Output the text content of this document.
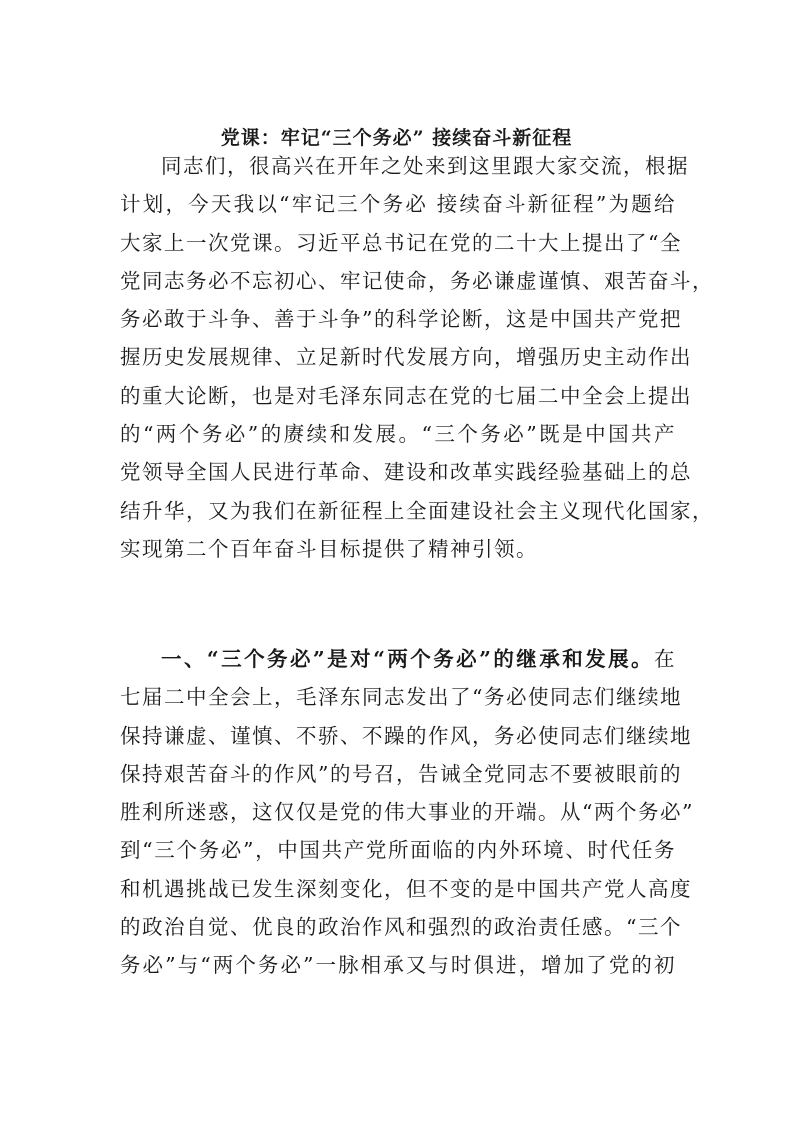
党课：牢记“三个务必” 接续奋斗新征程
同志们，很高兴在开年之处来到这里跟大家交流，根据
计划，今天我以“牢记三个务必 接续奋斗新征程”为题给
大家上一次党课。习近平总书记在党的二十大上提出了“全
党同志务必不忘初心、牢记使命，务必谦虚谨慎、艰苦奋斗，
务必敢于斗争、善于斗争”的科学论断，这是中国共产党把
握历史发展规律、立足新时代发展方向，增强历史主动作出
的重大论断，也是对毛泽东同志在党的七届二中全会上提出
的“两个务必”的赓续和发展。“三个务必”既是中国共产
党领导全国人民进行革命、建设和改革实践经验基础上的总
结升华，又为我们在新征程上全面建设社会主义现代化国家，
实现第二个百年奋斗目标提供了精神引领。
一、“三个务必”是对“两个务必”的继承和发展。在
七届二中全会上，毛泽东同志发出了“务必使同志们继续地
保持谦虚、谨慎、不骄、不躁的作风，务必使同志们继续地
保持艰苦奋斗的作风”的号召，告诫全党同志不要被眼前的
胜利所迷惑，这仅仅是党的伟大事业的开端。从“两个务必”
到“三个务必”，中国共产党所面临的内外环境、时代任务
和机遇挑战已发生深刻变化，但不变的是中国共产党人高度
的政治自觉、优良的政治作风和强烈的政治责任感。“三个
务必”与“两个务必”一脉相承又与时俱进，增加了党的初
